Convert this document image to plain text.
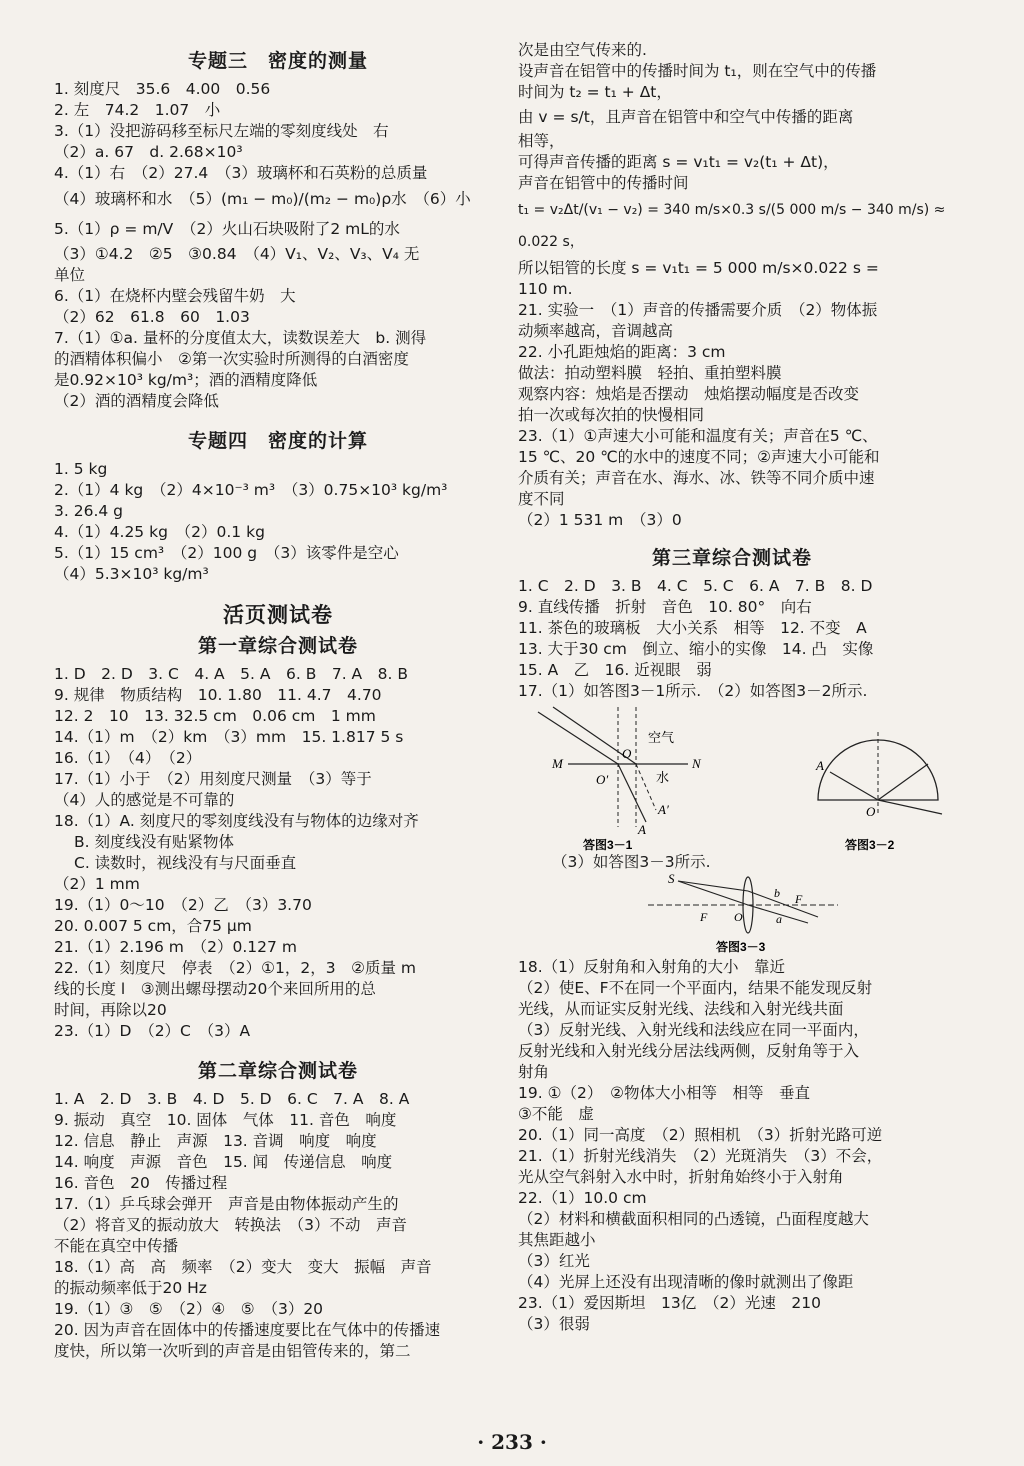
专题三　密度的测量
1. 刻度尺　35.6　4.00　0.56
2. 左　74.2　1.07　小
3.（1）没把游码移至标尺左端的零刻度线处　右
（2）a. 67　d. 2.68×10³
4.（1）右　（2）27.4　（3）玻璃杯和石英粉的总质量
（4）玻璃杯和水　（5）(m₁ − m₀)/(m₂ − m₀)ρ水　（6）小
5.（1）ρ = m/V　（2）火山石块吸附了2 mL的水
（3）①4.2　②5　③0.84　（4）V₁、V₂、V₃、V₄ 无
单位
6.（1）在烧杯内壁会残留牛奶　大
（2）62　61.8　60　1.03
7.（1）①a. 量杯的分度值太大，读数误差大　b. 测得
的酒精体积偏小　②第一次实验时所测得的白酒密度
是0.92×10³ kg/m³；酒的酒精度降低
（2）酒的酒精度会降低
专题四　密度的计算
1. 5 kg
2.（1）4 kg　（2）4×10⁻³ m³　（3）0.75×10³ kg/m³
3. 26.4 g
4.（1）4.25 kg　（2）0.1 kg
5.（1）15 cm³　（2）100 g　（3）该零件是空心
（4）5.3×10³ kg/m³
活页测试卷
第一章综合测试卷
1. D　2. D　3. C　4. A　5. A　6. B　7. A　8. B
9. 规律　物质结构　10. 1.80　11. 4.7　4.70
12. 2　10　13. 32.5 cm　0.06 cm　1 mm
14.（1）m　（2）km　（3）mm　15. 1.817 5 s
16.（1）　（4）　（2）
17.（1）小于　（2）用刻度尺测量　（3）等于
（4）人的感觉是不可靠的
18.（1）A. 刻度尺的零刻度线没有与物体的边缘对齐
B. 刻度线没有贴紧物体
C. 读数时，视线没有与尺面垂直
（2）1 mm
19.（1）0～10　（2）乙　（3）3.70
20. 0.007 5 cm，合75 μm
21.（1）2.196 m　（2）0.127 m
22.（1）刻度尺　停表　（2）①1，2，3　②质量 m
线的长度 l　③测出螺母摆动20个来回所用的总
时间，再除以20
23.（1）D　（2）C　（3）A
第二章综合测试卷
1. A　2. D　3. B　4. D　5. D　6. C　7. A　8. A
9. 振动　真空　10. 固体　气体　11. 音色　响度
12. 信息　静止　声源　13. 音调　响度　响度
14. 响度　声源　音色　15. 闻　传递信息　响度
16. 音色　20　传播过程
17.（1）乒乓球会弹开　声音是由物体振动产生的
（2）将音叉的振动放大　转换法　（3）不动　声音
不能在真空中传播
18.（1）高　高　频率　（2）变大　变大　振幅　声音
的振动频率低于20 Hz
19.（1）③　⑤　（2）④　⑤　（3）20
20. 因为声音在固体中的传播速度要比在气体中的传播速
度快，所以第一次听到的声音是由铝管传来的，第二
次是由空气传来的.
设声音在铝管中的传播时间为 t₁，则在空气中的传播
时间为 t₂ = t₁ + Δt，
由 v = s/t，且声音在铝管中和空气中传播的距离
相等，
可得声音传播的距离 s = v₁t₁ = v₂(t₁ + Δt)，
声音在铝管中的传播时间
t₁ = v₂Δt/(v₁ − v₂) = 340 m/s×0.3 s/(5 000 m/s − 340 m/s) ≈ 0.022 s，
所以铝管的长度 s = v₁t₁ = 5 000 m/s×0.022 s =
110 m.
21. 实验一　（1）声音的传播需要介质　（2）物体振
动频率越高，音调越高
22. 小孔距烛焰的距离：3 cm
做法：拍动塑料膜　轻拍、重拍塑料膜
观察内容：烛焰是否摆动　烛焰摆动幅度是否改变
拍一次或每次拍的快慢相同
23.（1）①声速大小可能和温度有关；声音在5 ℃、
15 ℃、20 ℃的水中的速度不同；②声速大小可能和
介质有关；声音在水、海水、冰、铁等不同介质中速
度不同
（2）1 531 m　（3）0
第三章综合测试卷
1. C　2. D　3. B　4. C　5. C　6. A　7. B　8. D
9. 直线传播　折射　音色　10. 80°　向右
11. 茶色的玻璃板　大小关系　相等　12. 不变　A
13. 大于30 cm　倒立、缩小的实像　14. 凸　实像
15. A　乙　16. 近视眼　弱
17.（1）如答图3－1所示.　（2）如答图3－2所示.
空气
水
M	N
O
O′
A
A′
答图3－1
A
O
答图3－2
（3）如答图3－3所示.
S
b F
F O	a
答图3－3
18.（1）反射角和入射角的大小　靠近
（2）使E、F不在同一个平面内，结果不能发现反射
光线，从而证实反射光线、法线和入射光线共面
（3）反射光线、入射光线和法线应在同一平面内，
反射光线和入射光线分居法线两侧，反射角等于入
射角
19. ①（2）　②物体大小相等　相等　垂直
③不能　虚
20.（1）同一高度　（2）照相机　（3）折射光路可逆
21.（1）折射光线消失　（2）光斑消失　（3）不会，
光从空气斜射入水中时，折射角始终小于入射角
22.（1）10.0 cm
（2）材料和横截面积相同的凸透镜，凸面程度越大
其焦距越小
（3）红光
（4）光屏上还没有出现清晰的像时就测出了像距
23.（1）爱因斯坦　13亿　（2）光速　210
（3）很弱
· 233 ·
